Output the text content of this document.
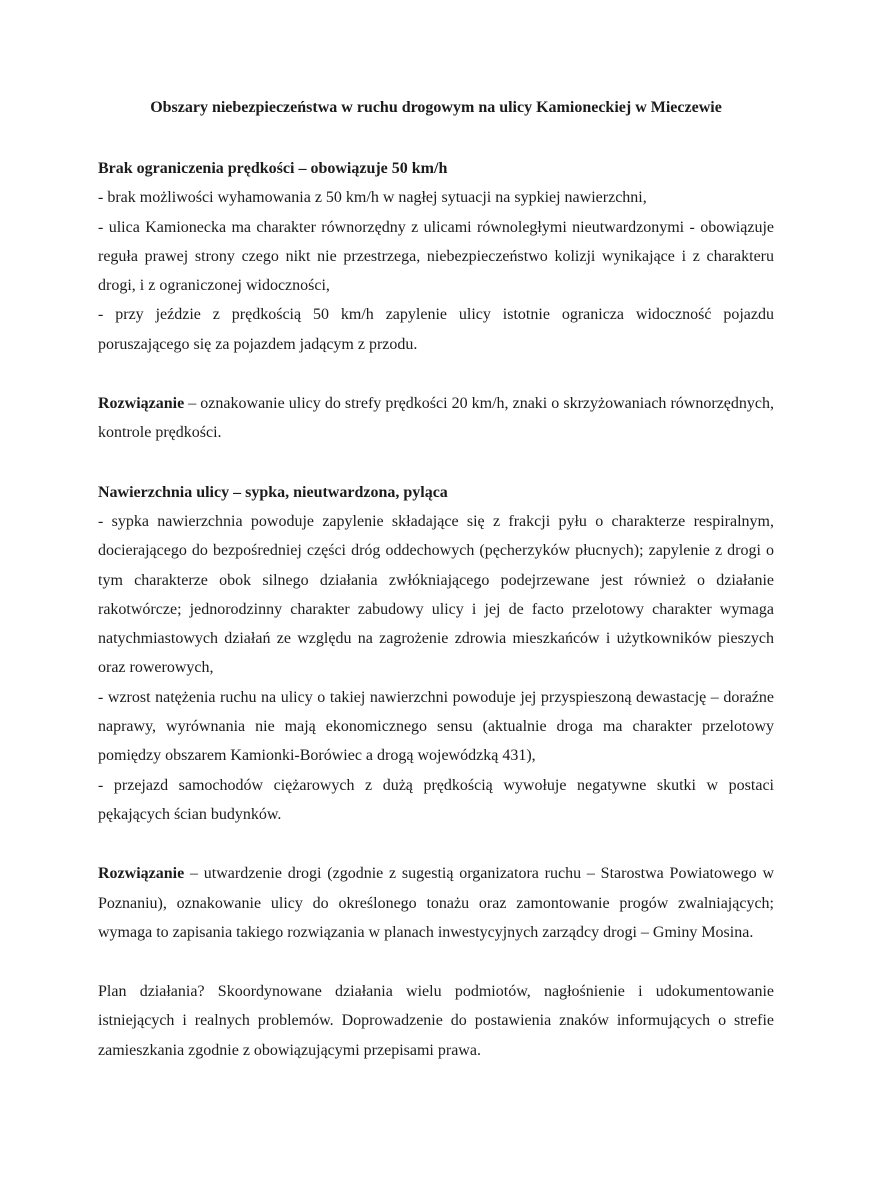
Obszary niebezpieczeństwa w ruchu drogowym na ulicy Kamioneckiej w Mieczewie

Brak ograniczenia prędkości – obowiązuje 50 km/h

- brak możliwości wyhamowania z 50 km/h w nagłej sytuacji na sypkiej nawierzchni,

- ulica Kamionecka ma charakter równorzędny z ulicami równoległymi nieutwardzonymi - obowiązuje reguła prawej strony czego nikt nie przestrzega, niebezpieczeństwo kolizji wynikające i z charakteru drogi, i z ograniczonej widoczności,

- przy jeździe z prędkością 50 km/h zapylenie ulicy istotnie ogranicza widoczność pojazdu poruszającego się za pojazdem jadącym z przodu.

Rozwiązanie – oznakowanie ulicy do strefy prędkości 20 km/h, znaki o skrzyżowaniach równorzędnych, kontrole prędkości.

Nawierzchnia ulicy – sypka, nieutwardzona, pyląca

- sypka nawierzchnia powoduje zapylenie składające się z frakcji pyłu o charakterze respiralnym, docierającego do bezpośredniej części dróg oddechowych (pęcherzyków płucnych); zapylenie z drogi o tym charakterze obok silnego działania zwłókniającego podejrzewane jest również o działanie rakotwórcze; jednorodzinny charakter zabudowy ulicy i jej de facto przelotowy charakter wymaga natychmiastowych działań ze względu na zagrożenie zdrowia mieszkańców i użytkowników pieszych oraz rowerowych,

- wzrost natężenia ruchu na ulicy o takiej nawierzchni powoduje jej przyspieszoną dewastację – doraźne naprawy, wyrównania nie mają ekonomicznego sensu (aktualnie droga ma charakter przelotowy pomiędzy obszarem Kamionki-Borówiec a drogą wojewódzką 431),

- przejazd samochodów ciężarowych z dużą prędkością wywołuje negatywne skutki w postaci pękających ścian budynków.

Rozwiązanie – utwardzenie drogi (zgodnie z sugestią organizatora ruchu – Starostwa Powiatowego w Poznaniu), oznakowanie ulicy do określonego tonażu oraz zamontowanie progów zwalniających; wymaga to zapisania takiego rozwiązania w planach inwestycyjnych zarządcy drogi – Gminy Mosina.

Plan działania? Skoordynowane działania wielu podmiotów, nagłośnienie i udokumentowanie istniejących i realnych problemów. Doprowadzenie do postawienia znaków informujących o strefie zamieszkania zgodnie z obowiązującymi przepisami prawa.
